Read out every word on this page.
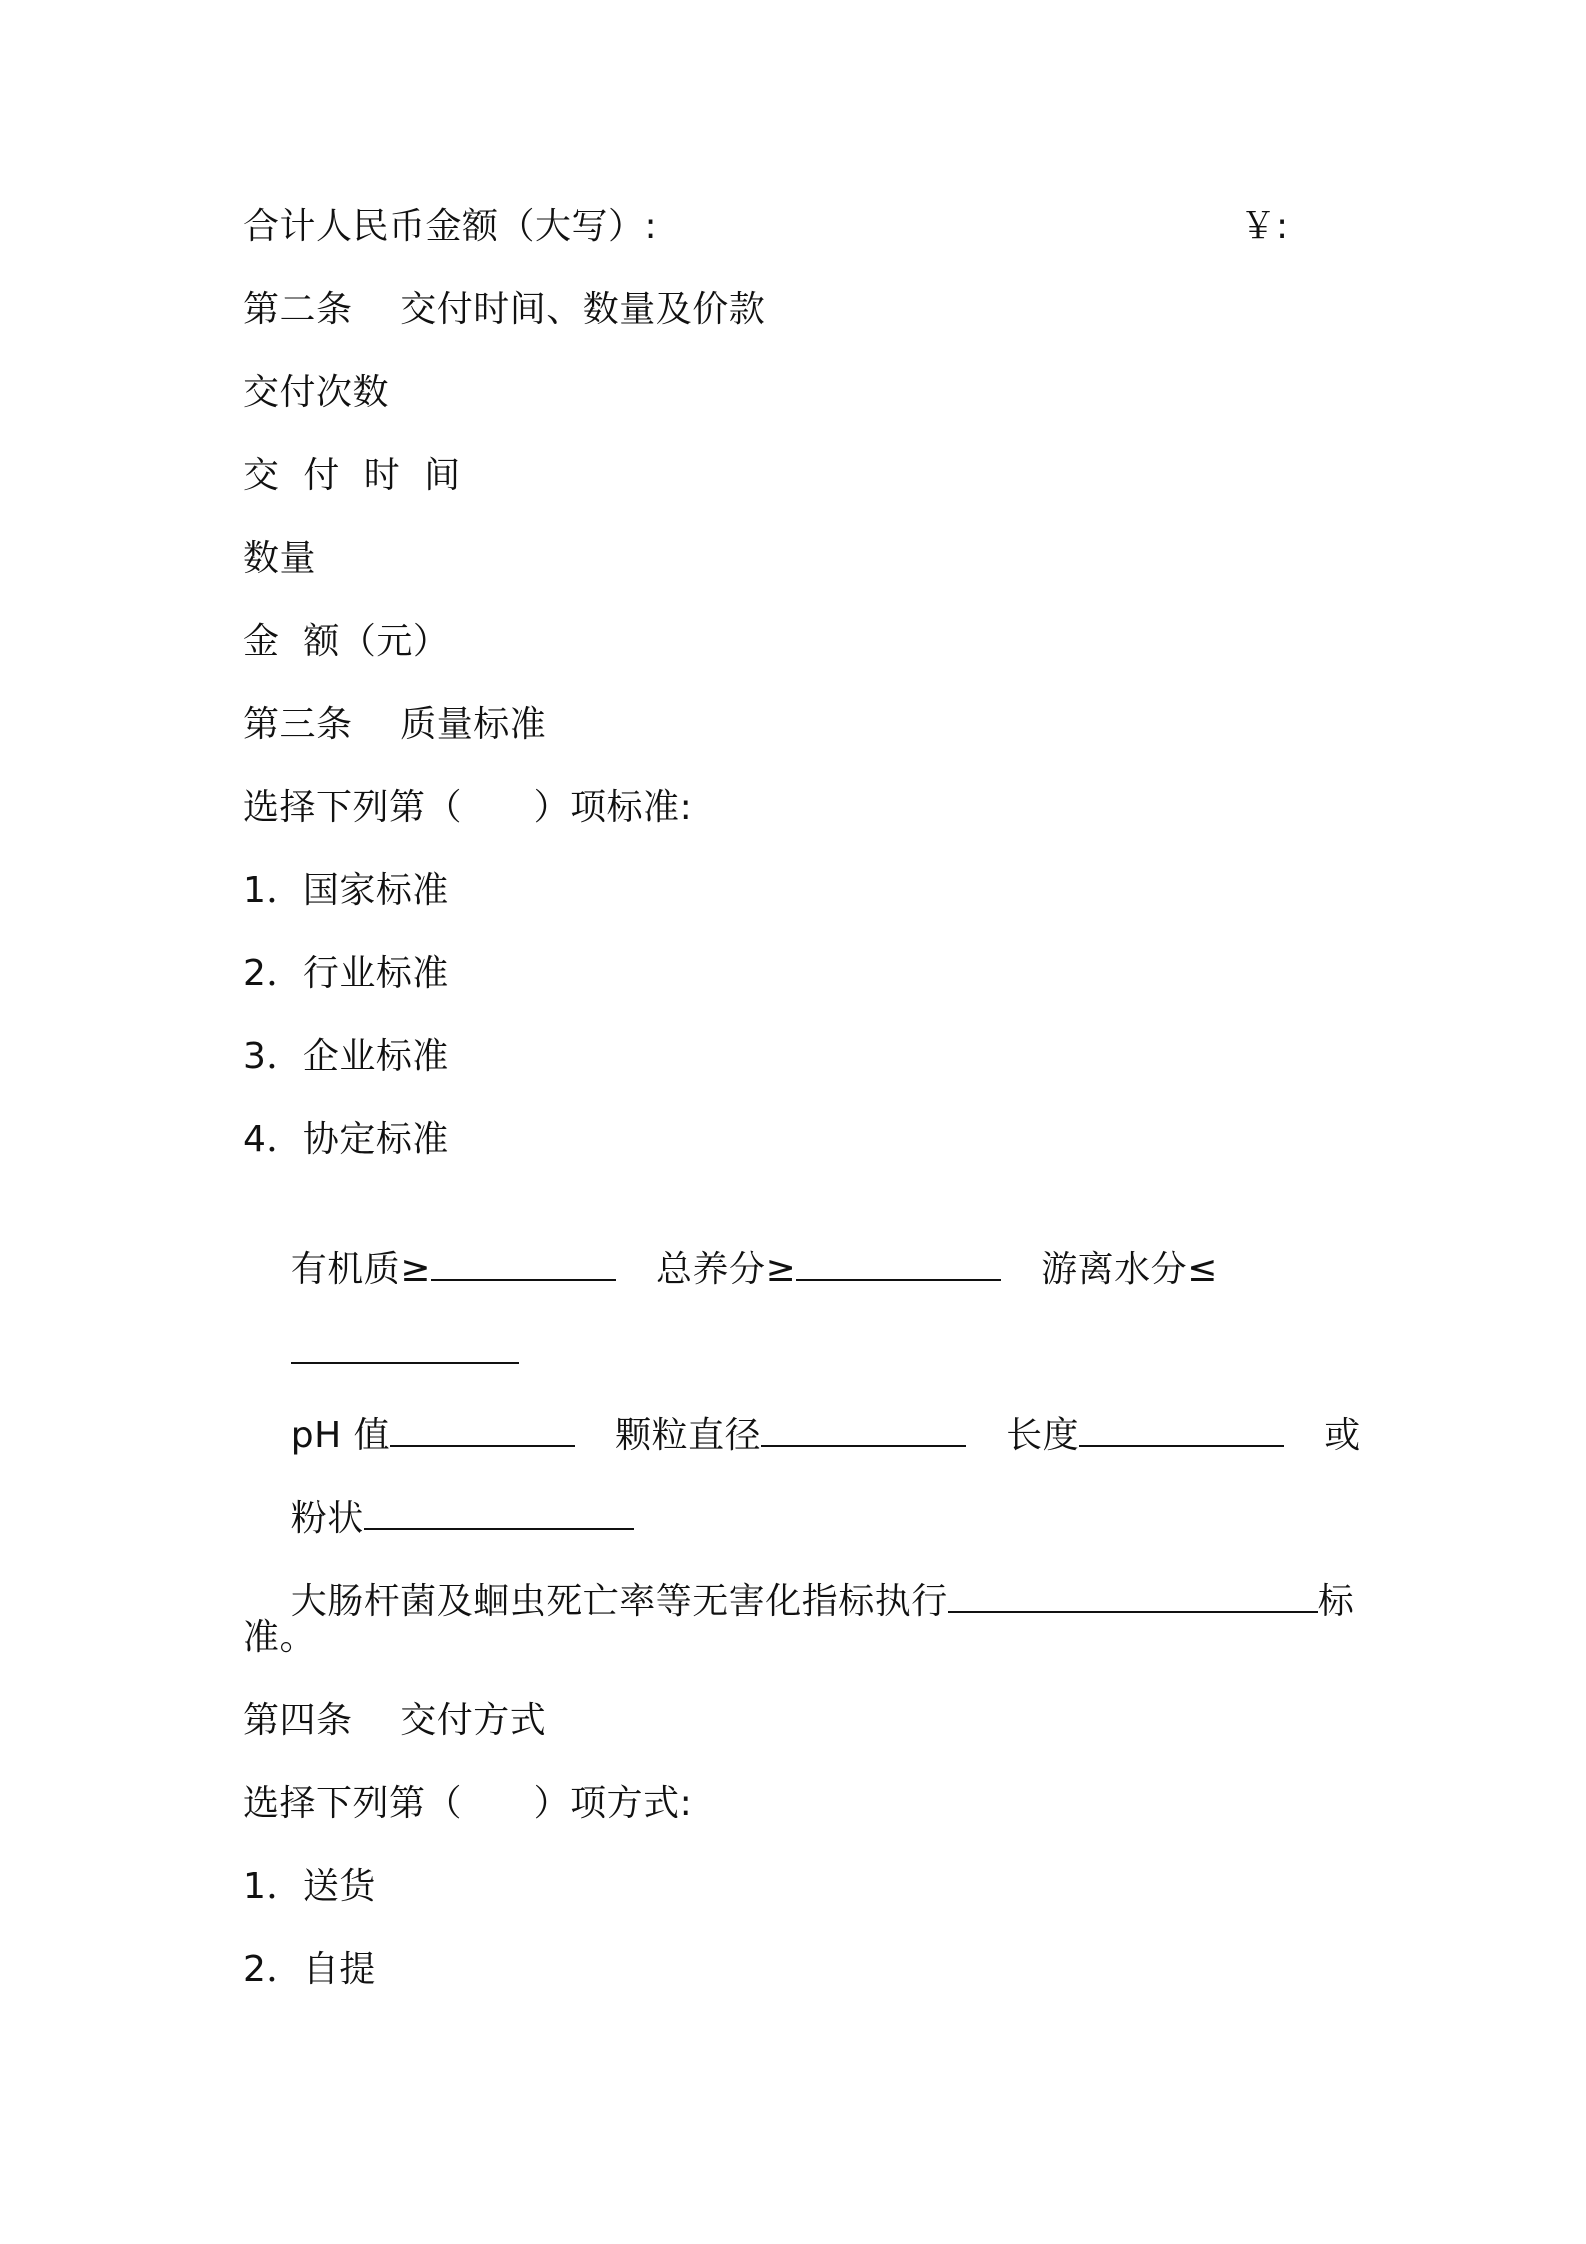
合计人民币金额（大写）:	￥:
第二条    交付时间、数量及价款
交付次数
交  付  时  间
数量
金  额（元）
第三条    质量标准
选择下列第（      ）项标准:
1．国家标准
2．行业标准
3．企业标准
4．协定标准

有机质≥	总养分≥	游离水分≤

pH 值	颗粒直径	长度	或

粉状

大肠杆菌及蛔虫死亡率等无害化指标执行	标

准。
第四条    交付方式
选择下列第（      ）项方式:
1．送货
2．自提
